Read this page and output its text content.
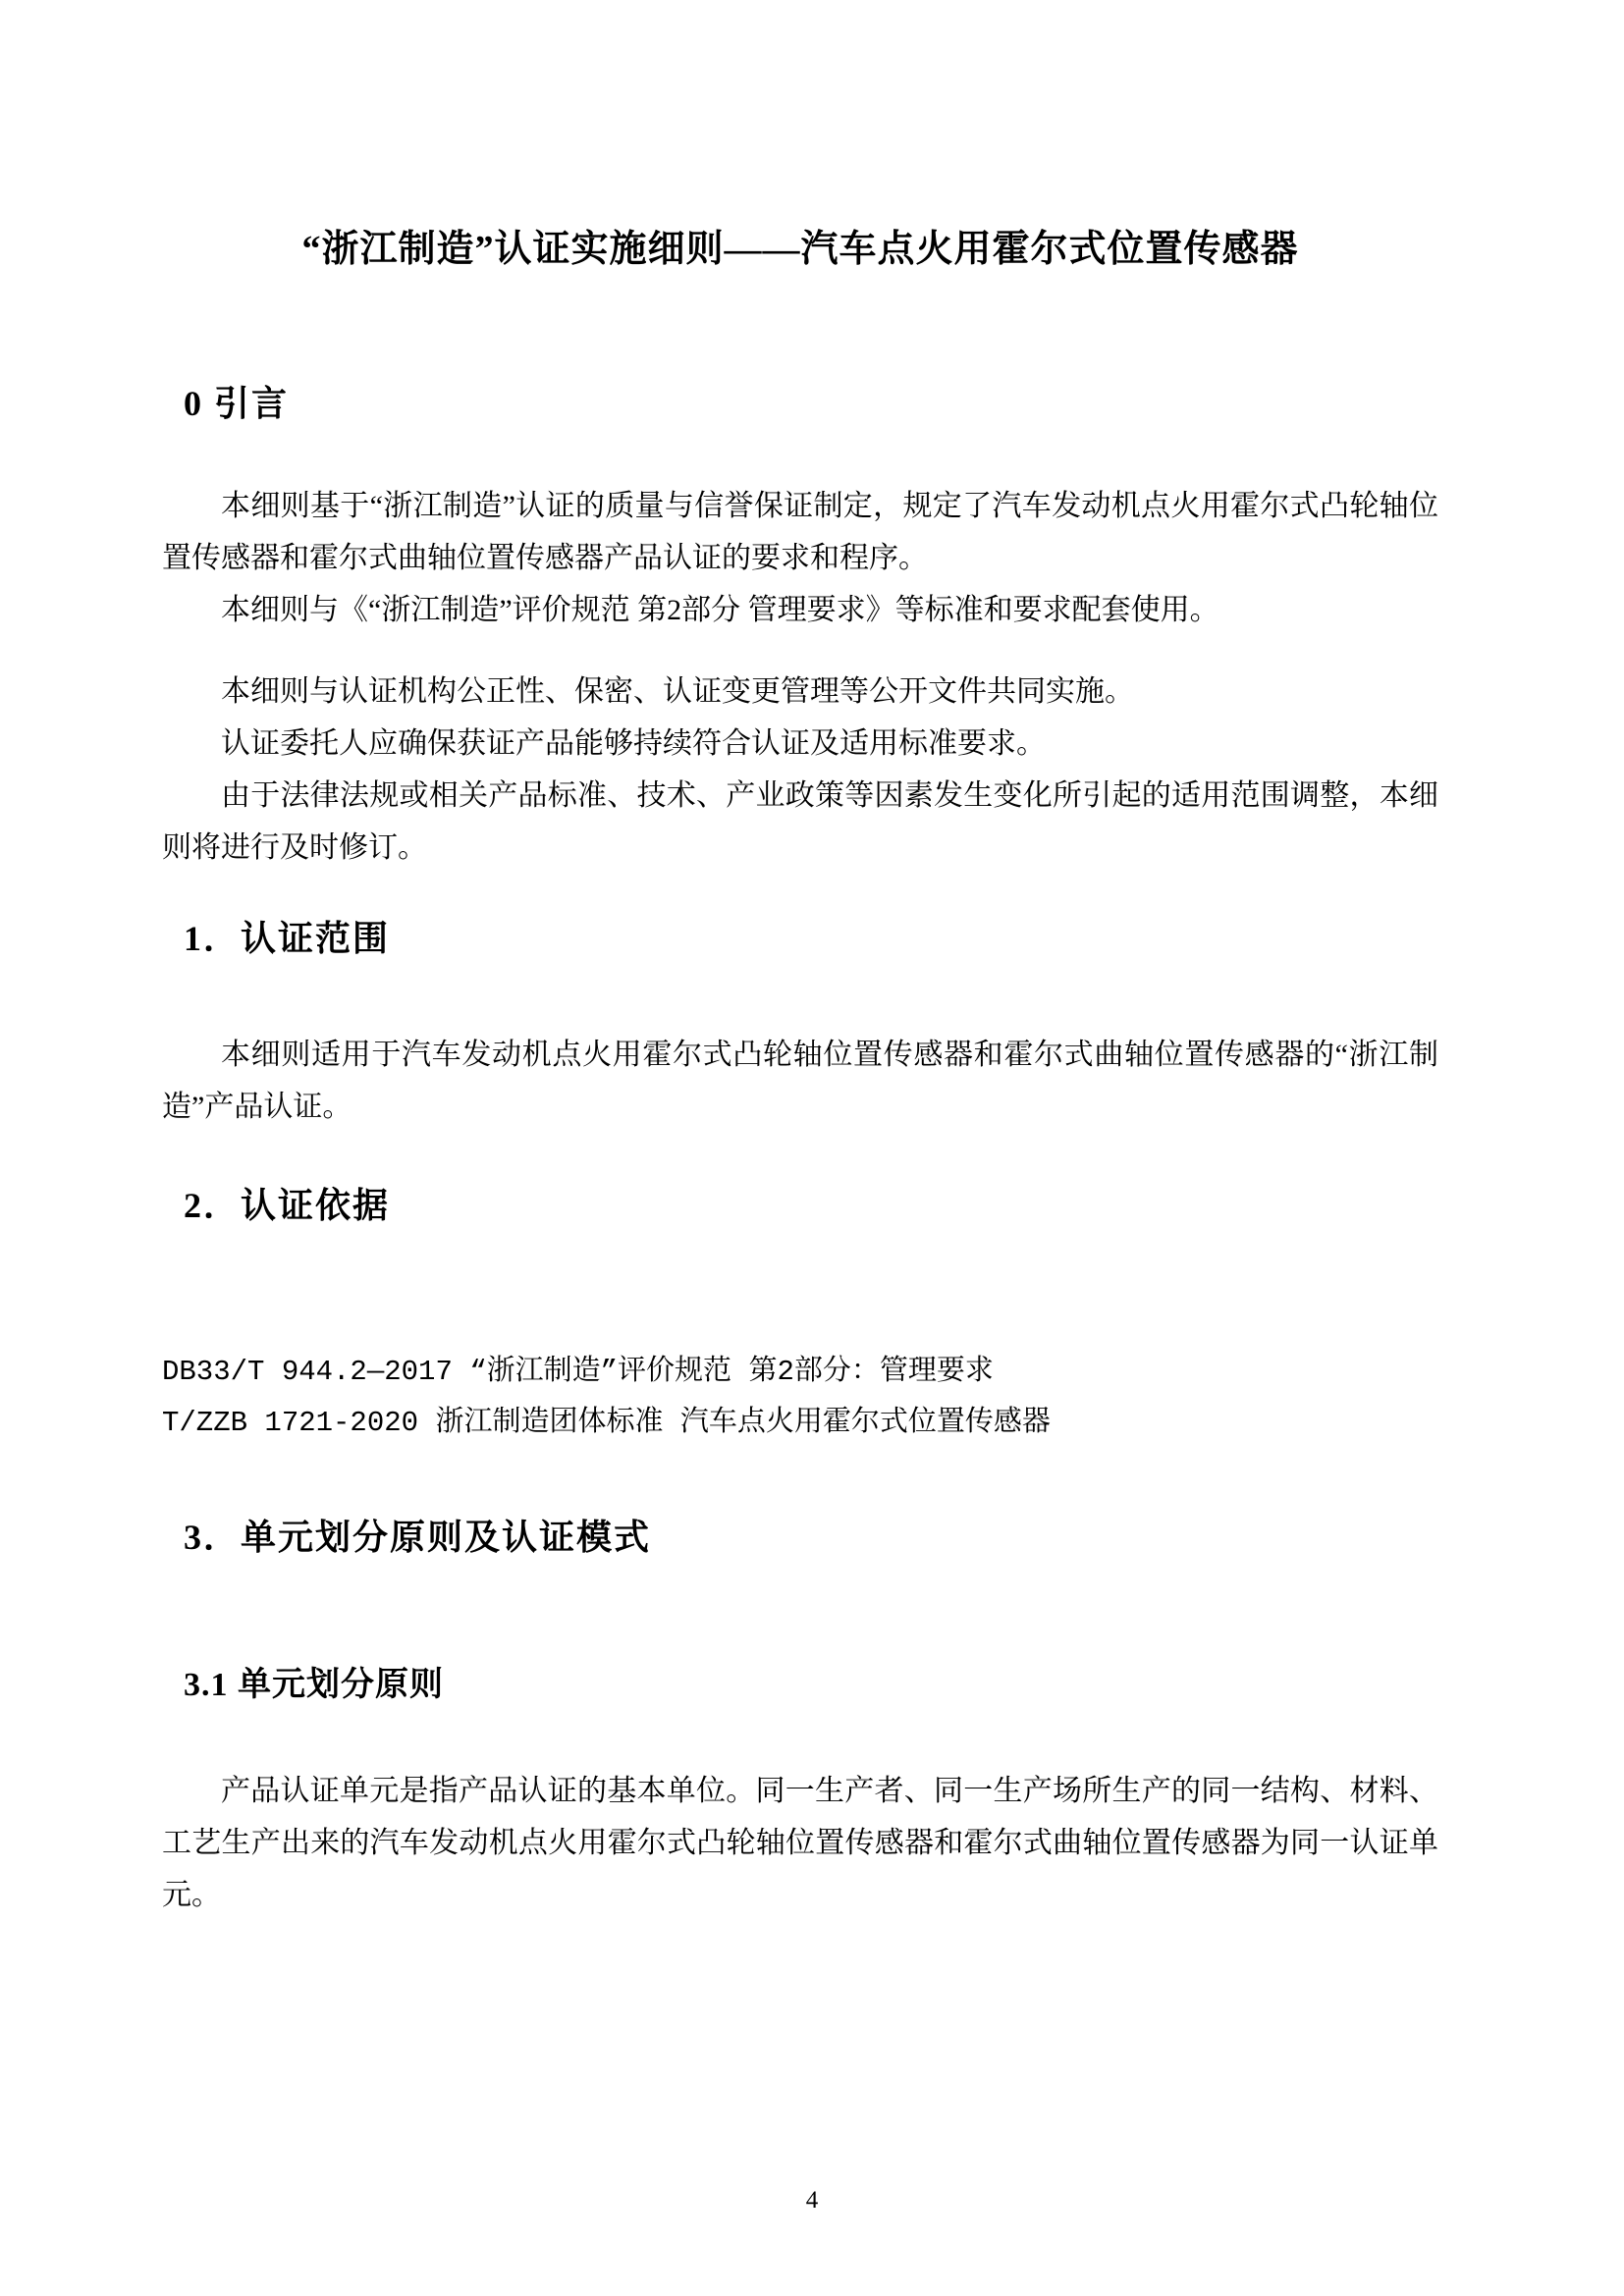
“浙江制造”认证实施细则——汽车点火用霍尔式位置传感器
0 引言

本细则基于“浙江制造”认证的质量与信誉保证制定，规定了汽车发动机点火用霍尔式凸轮轴位置传感器和霍尔式曲轴位置传感器产品认证的要求和程序。

本细则与《“浙江制造”评价规范 第2部分 管理要求》等标准和要求配套使用。

本细则与认证机构公正性、保密、认证变更管理等公开文件共同实施。

认证委托人应确保获证产品能够持续符合认证及适用标准要求。

由于法律法规或相关产品标准、技术、产业政策等因素发生变化所引起的适用范围调整，本细则将进行及时修订。

1．认证范围

本细则适用于汽车发动机点火用霍尔式凸轮轴位置传感器和霍尔式曲轴位置传感器的“浙江制造”产品认证。

2．认证依据

DB33/T 944.2—2017 “浙江制造”评价规范 第2部分：管理要求

T/ZZB 1721-2020 浙江制造团体标准 汽车点火用霍尔式位置传感器

3．单元划分原则及认证模式
3.1 单元划分原则

产品认证单元是指产品认证的基本单位。同一生产者、同一生产场所生产的同一结构、材料、工艺生产出来的汽车发动机点火用霍尔式凸轮轴位置传感器和霍尔式曲轴位置传感器为同一认证单元。

4
